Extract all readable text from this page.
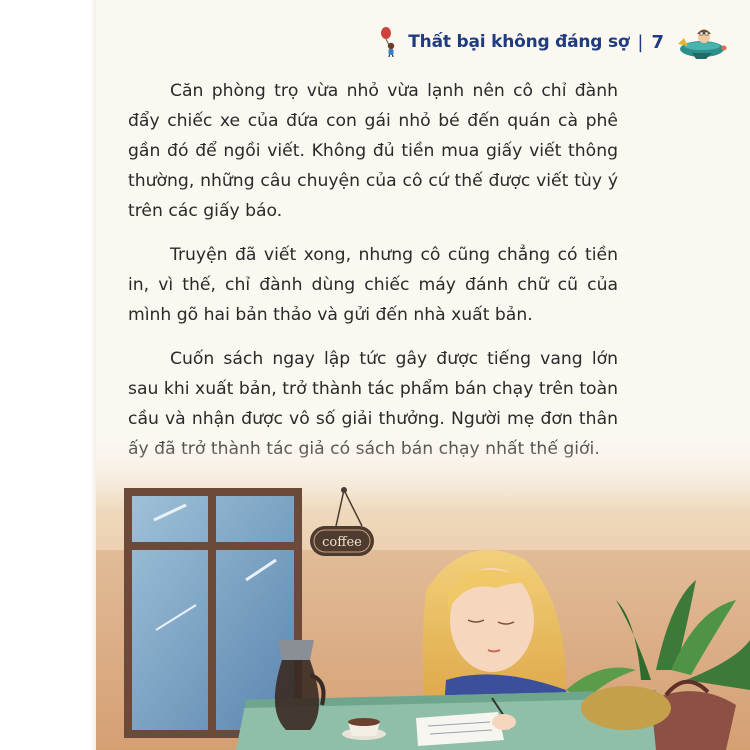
Thất bại không đáng sợ | 7

Căn phòng trọ vừa nhỏ vừa lạnh nên cô chỉ đành đẩy chiếc xe của đứa con gái nhỏ bé đến quán cà phê gần đó để ngồi viết. Không đủ tiền mua giấy viết thông thường, những câu chuyện của cô cứ thế được viết tùy ý trên các giấy báo.

Truyện đã viết xong, nhưng cô cũng chẳng có tiền in, vì thế, chỉ đành dùng chiếc máy đánh chữ cũ của mình gõ hai bản thảo và gửi đến nhà xuất bản.

Cuốn sách ngay lập tức gây được tiếng vang lớn sau khi xuất bản, trở thành tác phẩm bán chạy trên toàn cầu và nhận được vô số giải thưởng. Người mẹ đơn thân

coffee
